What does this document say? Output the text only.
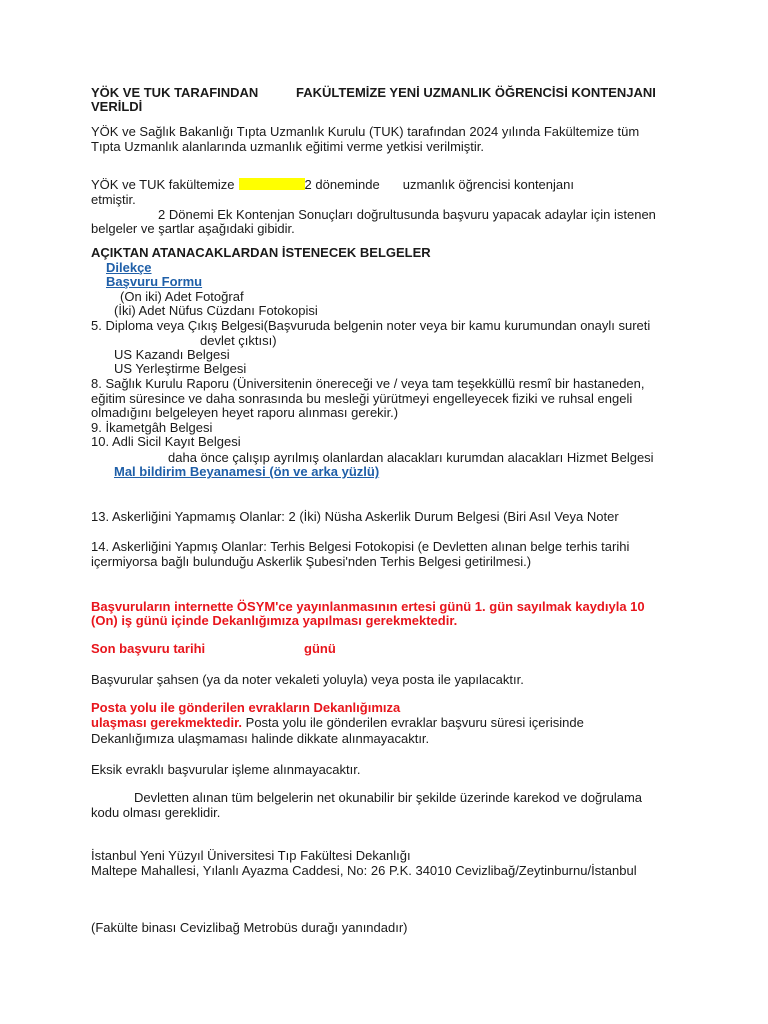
YÖK VE TUK TARAFINDAN	FAKÜLTEMİZE YENİ UZMANLIK ÖĞRENCİSİ KONTENJANI
VERİLDİ
YÖK ve Sağlık Bakanlığı Tıpta Uzmanlık Kurulu (TUK) tarafından 2024 yılında Fakültemize tüm
Tıpta Uzmanlık alanlarında uzmanlık eğitimi verme yetkisi verilmiştir.
YÖK ve TUK fakültemize	2 döneminde uzmanlık öğrencisi kontenjanı
etmiştir.
2 Dönemi Ek Kontenjan Sonuçları doğrultusunda başvuru yapacak adaylar için istenen
belgeler ve şartlar aşağıdaki gibidir.
AÇIKTAN ATANACAKLARDAN İSTENECEK BELGELER
Dilekçe
Başvuru Formu
(On iki) Adet Fotoğraf
(İki) Adet Nüfus Cüzdanı Fotokopisi
5. Diploma veya Çıkış Belgesi(Başvuruda belgenin noter veya bir kamu kurumundan onaylı sureti
devlet çıktısı)
US Kazandı Belgesi
US Yerleştirme Belgesi
8. Sağlık Kurulu Raporu (Üniversitenin önereceği ve / veya tam teşekküllü resmî bir hastaneden,
eğitim süresince ve daha sonrasında bu mesleği yürütmeyi engelleyecek fiziki ve ruhsal engeli
olmadığını belgeleyen heyet raporu alınması gerekir.)
9. İkametgâh Belgesi
10. Adli Sicil Kayıt Belgesi
daha önce çalışıp ayrılmış olanlardan alacakları kurumdan alacakları Hizmet Belgesi
Mal bildirim Beyanamesi (ön ve arka yüzlü)
13. Askerliğini Yapmamış Olanlar: 2 (İki) Nüsha Askerlik Durum Belgesi (Biri Asıl Veya Noter
14. Askerliğini Yapmış Olanlar: Terhis Belgesi Fotokopisi (e Devletten alınan belge terhis tarihi
içermiyorsa bağlı bulunduğu Askerlik Şubesi'nden Terhis Belgesi getirilmesi.)
Başvuruların internette ÖSYM'ce yayınlanmasının ertesi günü 1. gün sayılmak kaydıyla 10
(On) iş günü içinde Dekanlığımıza yapılması gerekmektedir.
Son başvuru tarihi	günü
Başvurular şahsen (ya da noter vekaleti yoluyla) veya posta ile yapılacaktır.
Posta yolu ile gönderilen evrakların Dekanlığımıza
ulaşması gerekmektedir. Posta yolu ile gönderilen evraklar başvuru süresi içerisinde
Dekanlığımıza ulaşmaması halinde dikkate alınmayacaktır.
Eksik evraklı başvurular işleme alınmayacaktır.
Devletten alınan tüm belgelerin net okunabilir bir şekilde üzerinde karekod ve doğrulama
kodu olması gereklidir.
İstanbul Yeni Yüzyıl Üniversitesi Tıp Fakültesi Dekanlığı
Maltepe Mahallesi, Yılanlı Ayazma Caddesi, No: 26 P.K. 34010 Cevizlibağ/Zeytinburnu/İstanbul
(Fakülte binası Cevizlibağ Metrobüs durağı yanındadır)
